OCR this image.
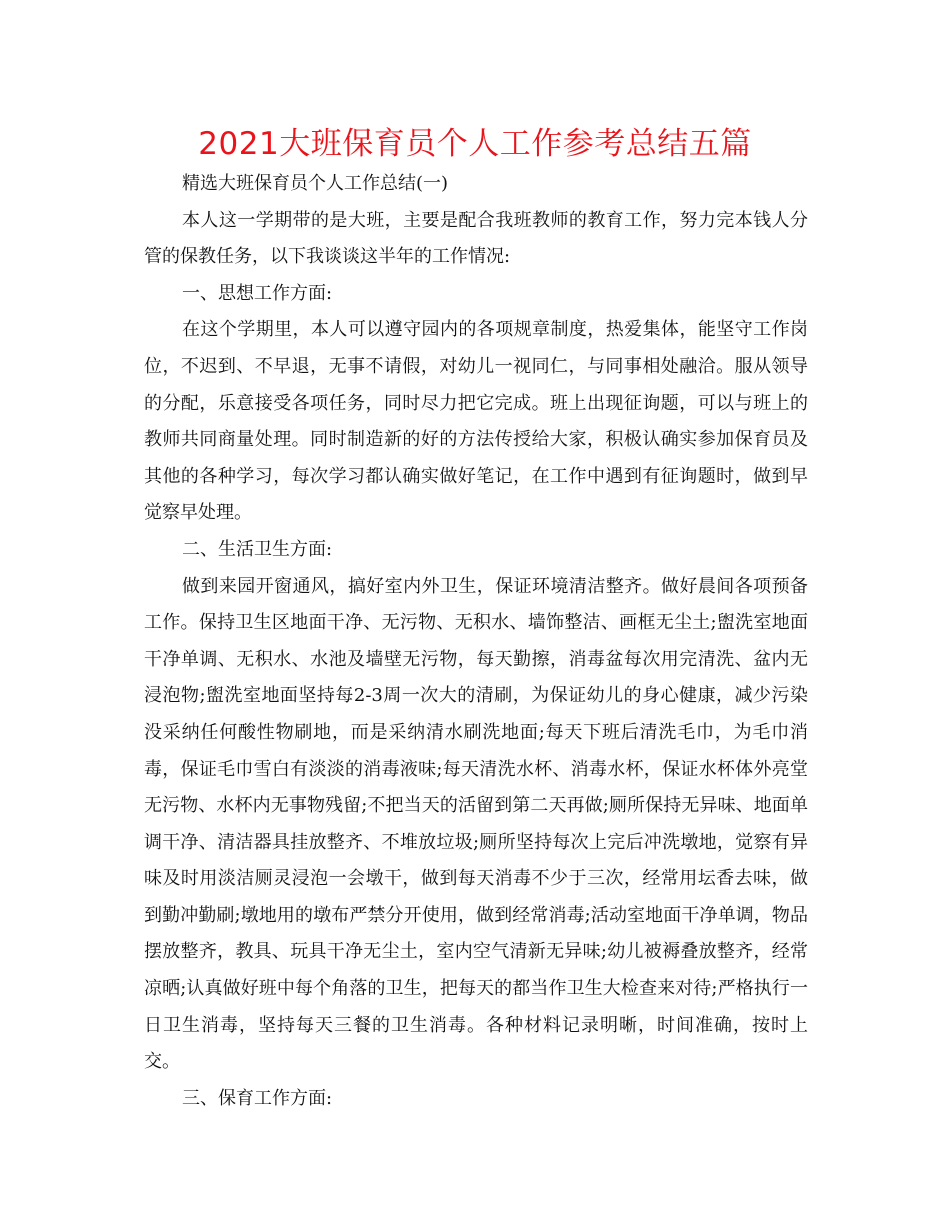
2021大班保育员个人工作参考总结五篇

精选大班保育员个人工作总结(一)

本人这一学期带的是大班，主要是配合我班教师的教育工作，努力完本钱人分管的保教任务，以下我谈谈这半年的工作情况:

一、思想工作方面:

在这个学期里，本人可以遵守园内的各项规章制度，热爱集体，能坚守工作岗位，不迟到、不早退，无事不请假，对幼儿一视同仁，与同事相处融洽。服从领导的分配，乐意接受各项任务，同时尽力把它完成。班上出现征询题，可以与班上的教师共同商量处理。同时制造新的好的方法传授给大家，积极认确实参加保育员及其他的各种学习，每次学习都认确实做好笔记，在工作中遇到有征询题时，做到早觉察早处理。

二、生活卫生方面:

做到来园开窗通风，搞好室内外卫生，保证环境清洁整齐。做好晨间各项预备工作。保持卫生区地面干净、无污物、无积水、墙饰整洁、画框无尘土;盥洗室地面干净单调、无积水、水池及墙壁无污物，每天勤擦，消毒盆每次用完清洗、盆内无浸泡物;盥洗室地面坚持每2-3周一次大的清刷，为保证幼儿的身心健康，减少污染没采纳任何酸性物刷地，而是采纳清水刷洗地面;每天下班后清洗毛巾，为毛巾消毒，保证毛巾雪白有淡淡的消毒液味;每天清洗水杯、消毒水杯，保证水杯体外亮堂无污物、水杯内无事物残留;不把当天的活留到第二天再做;厕所保持无异味、地面单调干净、清洁器具挂放整齐、不堆放垃圾;厕所坚持每次上完后冲洗墩地，觉察有异味及时用淡洁厕灵浸泡一会墩干，做到每天消毒不少于三次，经常用坛香去味，做到勤冲勤刷;墩地用的墩布严禁分开使用，做到经常消毒;活动室地面干净单调，物品摆放整齐，教具、玩具干净无尘土，室内空气清新无异味;幼儿被褥叠放整齐，经常凉晒;认真做好班中每个角落的卫生，把每天的都当作卫生大检查来对待;严格执行一日卫生消毒，坚持每天三餐的卫生消毒。各种材料记录明晰，时间准确，按时上交。

三、保育工作方面:
